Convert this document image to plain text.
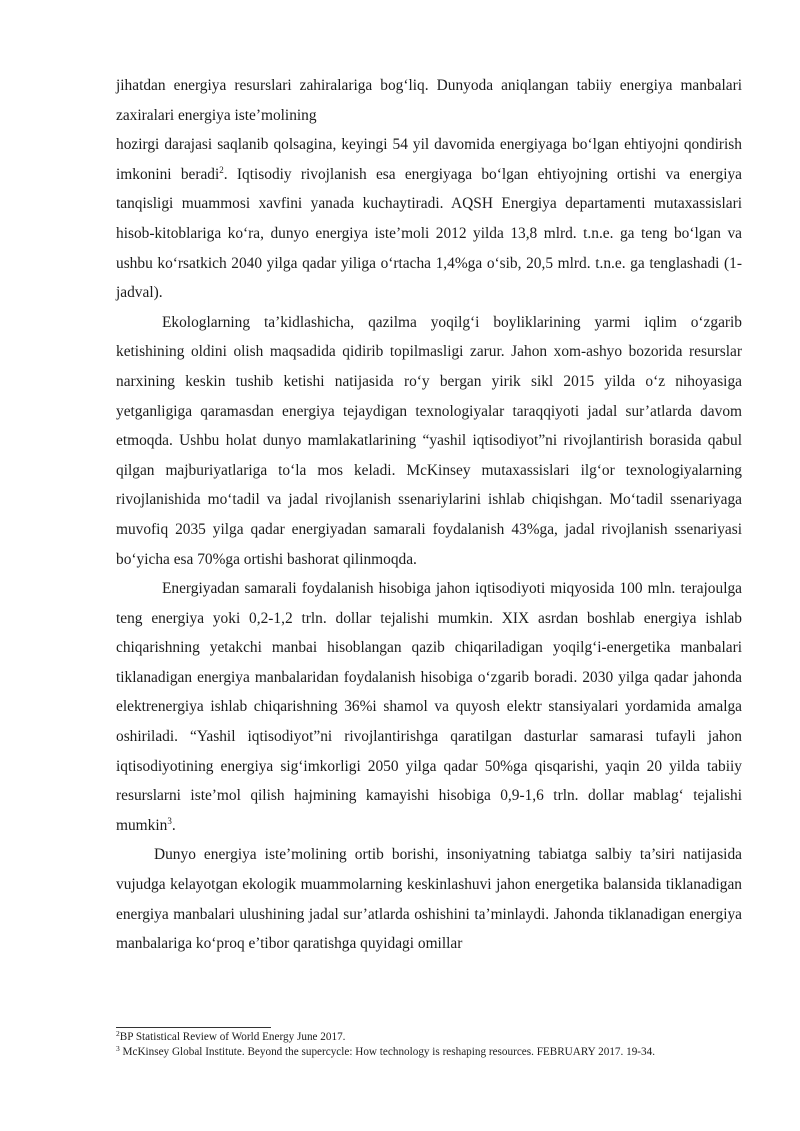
jihatdan energiya resurslari zahiralariga bog‘liq. Dunyoda aniqlangan tabiiy energiya manbalari zaxiralari energiya iste’molining

hozirgi darajasi saqlanib qolsagina, keyingi 54 yil davomida energiyaga bo‘lgan ehtiyojni qondirish imkonini beradi$^2$. Iqtisodiy rivojlanish esa energiyaga bo‘lgan ehtiyojning ortishi va energiya tanqisligi muammosi xavfini yanada kuchaytiradi. AQSH Energiya departamenti mutaxassislari hisob-kitoblariga ko‘ra, dunyo energiya iste’moli 2012 yilda 13,8 mlrd. t.n.e. ga teng bo‘lgan va ushbu ko‘rsatkich 2040 yilga qadar yiliga o‘rtacha 1,4%ga o‘sib, 20,5 mlrd. t.n.e. ga tenglashadi (1-jadval).

Ekologlarning ta’kidlashicha, qazilma yoqilg‘i boyliklarining yarmi iqlim o‘zgarib ketishining oldini olish maqsadida qidirib topilmasligi zarur. Jahon xom-ashyo bozorida resurslar narxining keskin tushib ketishi natijasida ro‘y bergan yirik sikl 2015 yilda o‘z nihoyasiga yetganligiga qaramasdan energiya tejaydigan texnologiyalar taraqqiyoti jadal sur’atlarda davom etmoqda. Ushbu holat dunyo mamlakatlarining “yashil iqtisodiyot”ni rivojlantirish borasida qabul qilgan majburiyatlariga to‘la mos keladi. McKinsey mutaxassislari ilg‘or texnologiyalarning rivojlanishida mo‘tadil va jadal rivojlanish ssenariylarini ishlab chiqishgan. Mo‘tadil ssenariyaga muvofiq 2035 yilga qadar energiyadan samarali foydalanish 43%ga, jadal rivojlanish ssenariyasi bo‘yicha esa 70%ga ortishi bashorat qilinmoqda.

Energiyadan samarali foydalanish hisobiga jahon iqtisodiyoti miqyosida 100 mln. terajoulga teng energiya yoki 0,2-1,2 trln. dollar tejalishi mumkin. XIX asrdan boshlab energiya ishlab chiqarishning yetakchi manbai hisoblangan qazib chiqariladigan yoqilg‘i-energetika manbalari tiklanadigan energiya manbalaridan foydalanish hisobiga o‘zgarib boradi. 2030 yilga qadar jahonda elektrenergiya ishlab chiqarishning 36%i shamol va quyosh elektr stansiyalari yordamida amalga oshiriladi. “Yashil iqtisodiyot”ni rivojlantirishga qaratilgan dasturlar samarasi tufayli jahon iqtisodiyotining energiya sig‘imkorligi 2050 yilga qadar 50%ga qisqarishi, yaqin 20 yilda tabiiy resurslarni iste’mol qilish hajmining kamayishi hisobiga 0,9-1,6 trln. dollar mablag‘ tejalishi mumkin$^3$.

Dunyo energiya iste’molining ortib borishi, insoniyatning tabiatga salbiy ta’siri natijasida vujudga kelayotgan ekologik muammolarning keskinlashuvi jahon energetika balansida tiklanadigan energiya manbalari ulushining jadal sur’atlarda oshishini ta’minlaydi. Jahonda tiklanadigan energiya manbalariga ko‘proq e’tibor qaratishga quyidagi omillar

$^2$BP Statistical Review of World Energy June 2017.

$^3$ McKinsey Global Institute. Beyond the supercycle: How technology is reshaping resources. FEBRUARY 2017. 19-34.
